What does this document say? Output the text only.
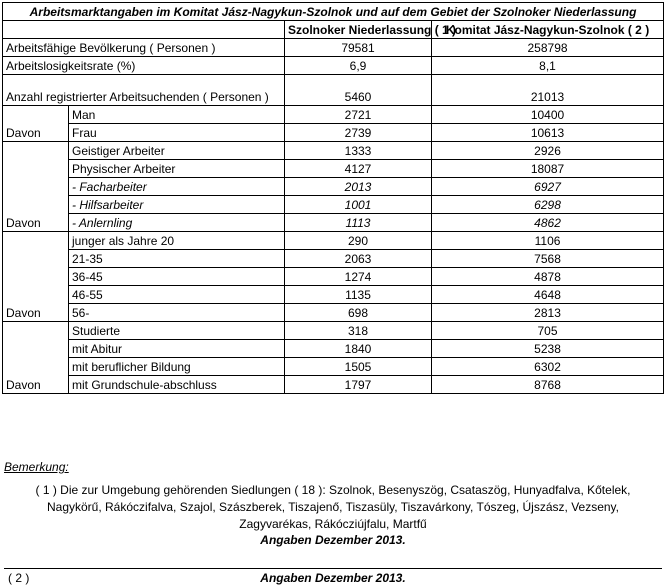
Arbeitsmarktangaben im Komitat Jász-Nagykun-Szolnok und auf dem Gebiet der Szolnoker Niederlassung			
		Szolnoker Niederlassung ( 1 )	Komitat Jász-Nagykun-Szolnok ( 2 )
Arbeitsfähige Bevölkerung ( Personen )		79581	258798
Arbeitslosigkeitsrate (%)		6,9	8,1
Anzahl registrierter Arbeitsuchenden ( Personen )		5460	21013
Davon	Man	2721	10400
	Frau	2739	10613
Davon	Geistiger Arbeiter	1333	2926
	Physischer Arbeiter	4127	18087
	- Facharbeiter	2013	6927
	- Hilfsarbeiter	1001	6298
	- Anlernling	1113	4862
Davon	junger als Jahre 20	290	1106
	21-35	2063	7568
	36-45	1274	4878
	46-55	1135	4648
	56-	698	2813
Davon	Studierte	318	705
	mit Abitur	1840	5238
	mit beruflicher Bildung	1505	6302
	mit Grundschule-abschluss	1797	8768
Bemerkung:
( 1 ) Die zur Umgebung gehörenden Siedlungen ( 18 ): Szolnok, Besenyszög, Csataszög, Hunyadfalva, Kőtelek, Nagykörű, Rákóczifalva, Szajol, Szászberek, Tiszajenő, Tiszasüly, Tiszavárkony, Tószeg, Újszász, Vezseny, Zagyvarékas, Rákócziújfalu, Martfű
Angaben Dezember 2013.
( 2 )	Angaben Dezember 2013.
